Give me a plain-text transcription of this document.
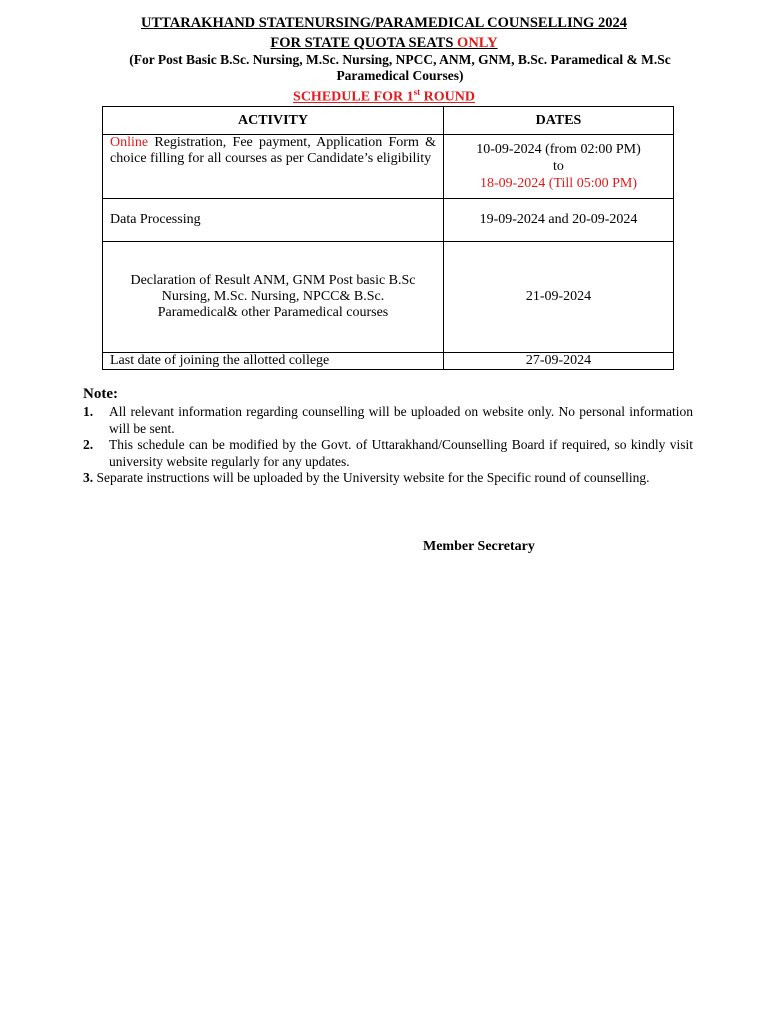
UTTARAKHAND STATENURSING/PARAMEDICAL COUNSELLING 2024
FOR STATE QUOTA SEATS ONLY
(For Post Basic B.Sc. Nursing, M.Sc. Nursing, NPCC, ANM, GNM, B.Sc. Paramedical & M.Sc
Paramedical Courses)
SCHEDULE FOR 1st ROUND
ACTIVITY	DATES
Online Registration, Fee payment, Application Form & choice filling for all courses as per Candidate’s eligibility	10-09-2024 (from 02:00 PM)
to
18-09-2024 (Till 05:00 PM)

Data Processing	19-09-2024 and 20-09-2024

Declaration of Result ANM, GNM Post basic B.Sc Nursing, M.Sc. Nursing, NPCC& B.Sc. Paramedical& other Paramedical courses	21-09-2024
Last date of joining the allotted college	27-09-2024
Note:
1. All relevant information regarding counselling will be uploaded on website only. No personal information will be sent.
2. This schedule can be modified by the Govt. of Uttarakhand/Counselling Board if required, so kindly visit university website regularly for any updates.
3. Separate instructions will be uploaded by the University website for the Specific round of counselling.
Member Secretary
